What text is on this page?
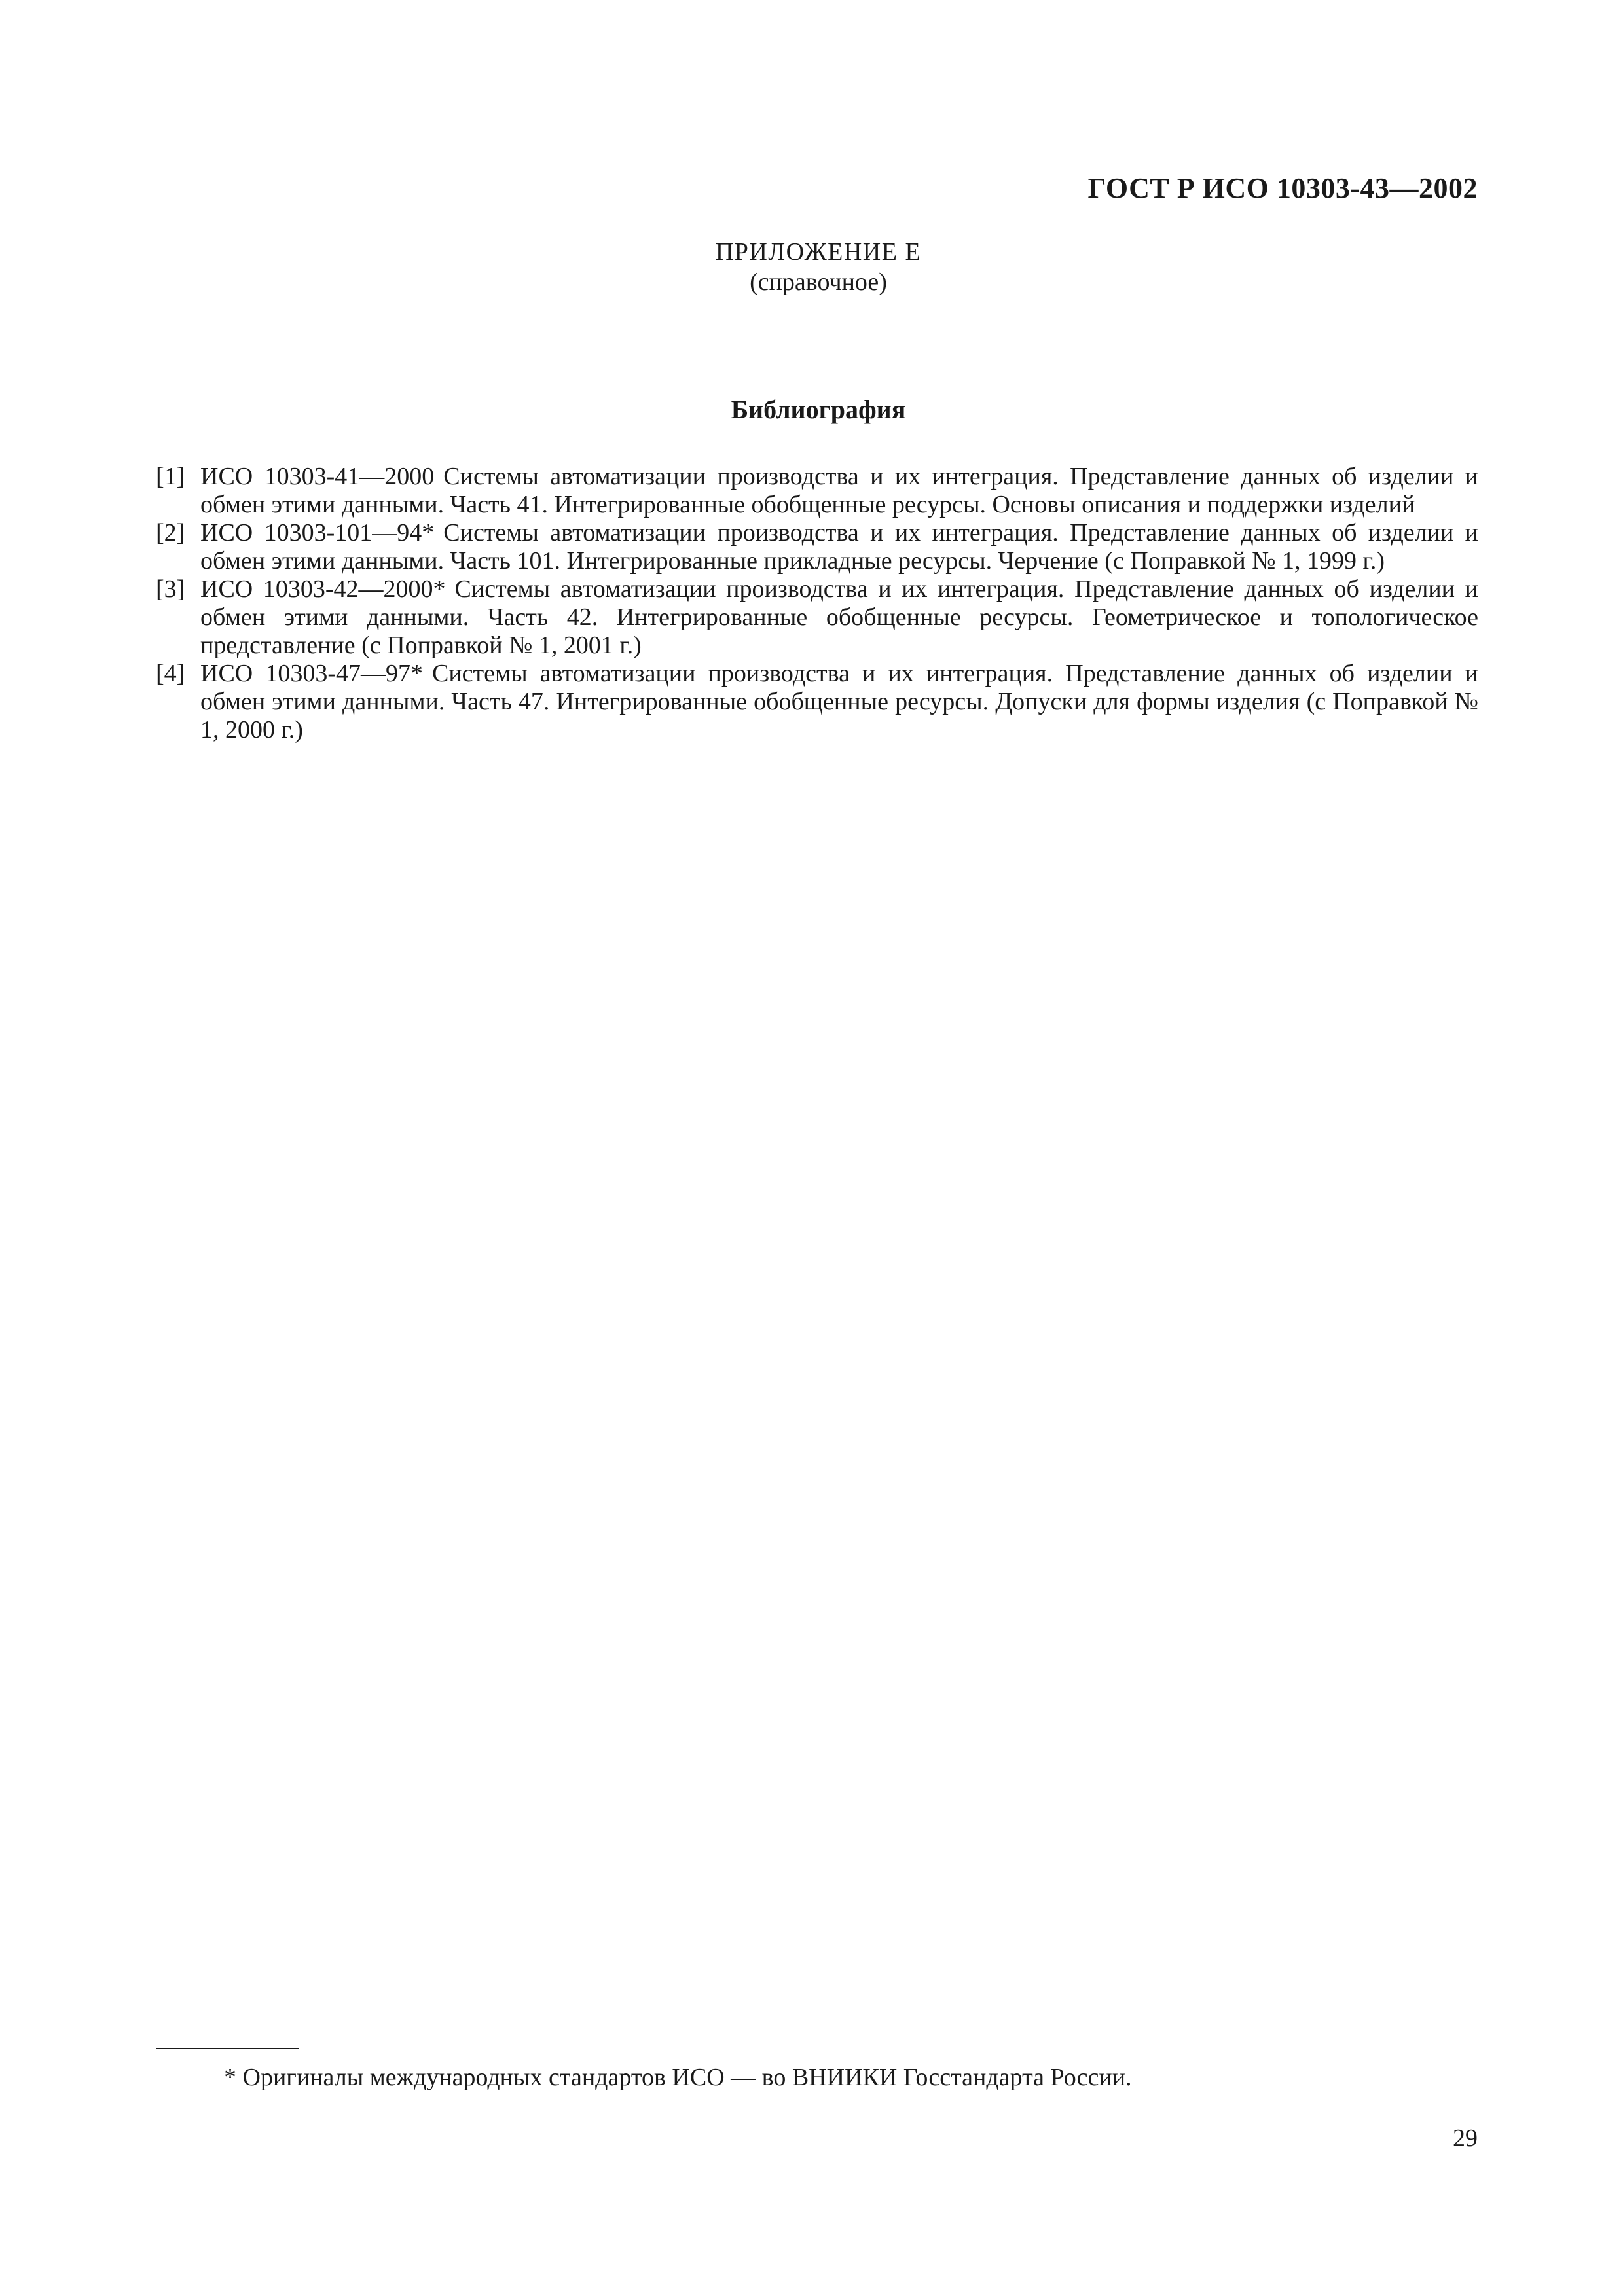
ГОСТ Р ИСО 10303-43—2002
ПРИЛОЖЕНИЕ Е
(справочное)
Библиография
[1] ИСО 10303-41—2000 Системы автоматизации производства и их интеграция. Представление данных об изделии и обмен этими данными. Часть 41. Интегрированные обобщенные ресурсы. Основы описания и поддержки изделий
[2] ИСО 10303-101—94* Системы автоматизации производства и их интеграция. Представление данных об изделии и обмен этими данными. Часть 101. Интегрированные прикладные ресурсы. Черчение (с Поправкой № 1, 1999 г.)
[3] ИСО 10303-42—2000* Системы автоматизации производства и их интеграция. Представление данных об изделии и обмен этими данными. Часть 42. Интегрированные обобщенные ресурсы. Геометрическое и топологическое представление (с Поправкой № 1, 2001 г.)
[4] ИСО 10303-47—97* Системы автоматизации производства и их интеграция. Представление данных об изделии и обмен этими данными. Часть 47. Интегрированные обобщенные ресурсы. Допуски для формы изделия (с Поправкой № 1, 2000 г.)
* Оригиналы международных стандартов ИСО — во ВНИИКИ Госстандарта России.
29
